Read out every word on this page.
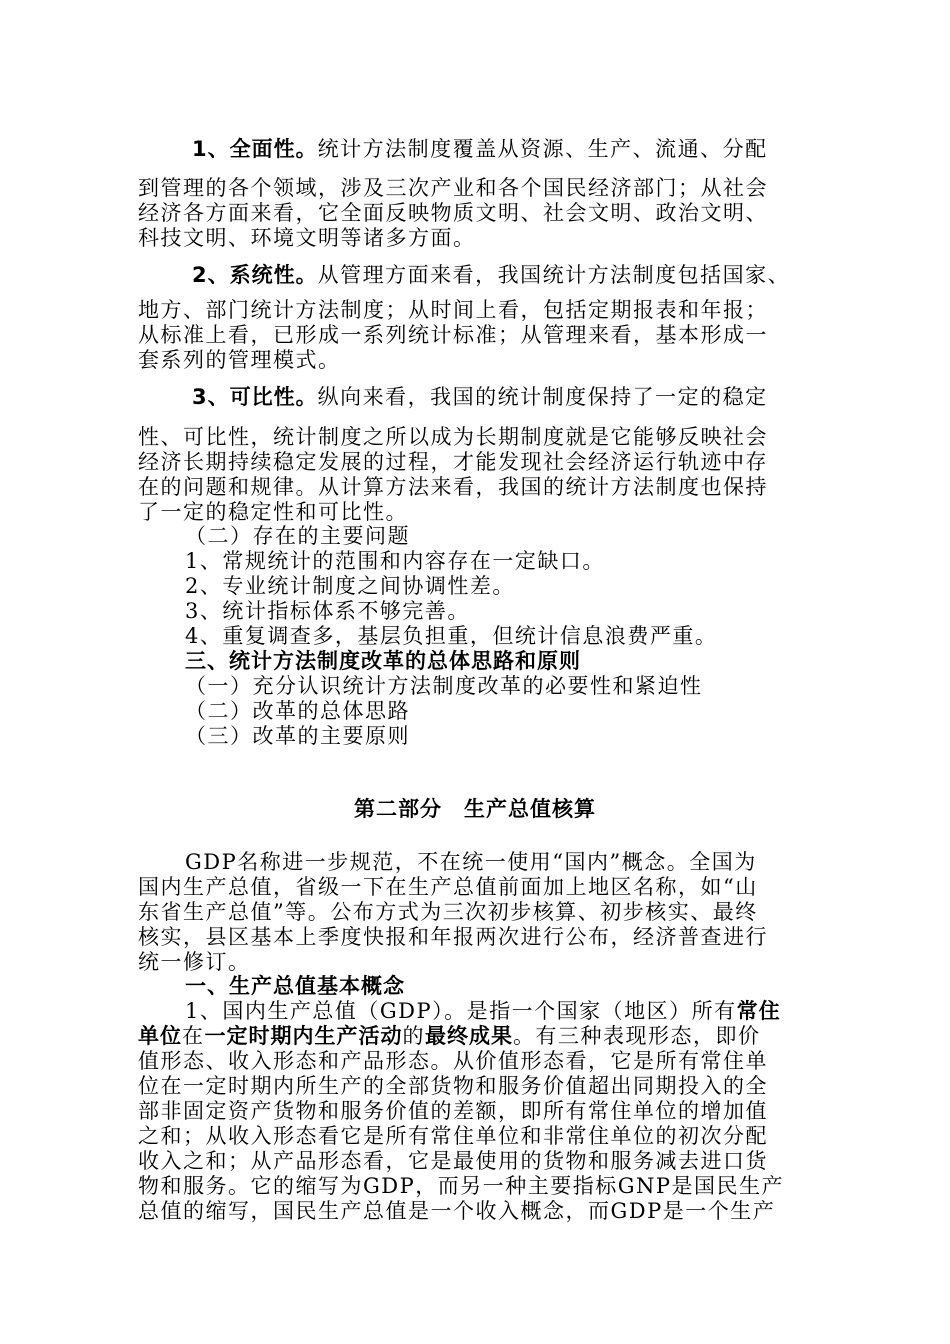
1、全面性。统计方法制度覆盖从资源、生产、流通、分配
到管理的各个领域，涉及三次产业和各个国民经济部门；从社会
经济各方面来看，它全面反映物质文明、社会文明、政治文明、
科技文明、环境文明等诸多方面。
2、系统性。从管理方面来看，我国统计方法制度包括国家、
地方、部门统计方法制度；从时间上看，包括定期报表和年报；
从标准上看，已形成一系列统计标准；从管理来看，基本形成一
套系列的管理模式。
3、可比性。纵向来看，我国的统计制度保持了一定的稳定
性、可比性，统计制度之所以成为长期制度就是它能够反映社会
经济长期持续稳定发展的过程，才能发现社会经济运行轨迹中存
在的问题和规律。从计算方法来看，我国的统计方法制度也保持
了一定的稳定性和可比性。
（二）存在的主要问题
1、常规统计的范围和内容存在一定缺口。
2、专业统计制度之间协调性差。
3、统计指标体系不够完善。
4、重复调查多，基层负担重，但统计信息浪费严重。
三、统计方法制度改革的总体思路和原则
（一）充分认识统计方法制度改革的必要性和紧迫性
（二）改革的总体思路
（三）改革的主要原则
第二部分　生产总值核算
GDP名称进一步规范，不在统一使用“国内”概念。全国为
国内生产总值，省级一下在生产总值前面加上地区名称，如“山
东省生产总值”等。公布方式为三次初步核算、初步核实、最终
核实，县区基本上季度快报和年报两次进行公布，经济普查进行
统一修订。
一、生产总值基本概念
1、国内生产总值（GDP）。是指一个国家（地区）所有常住
单位在一定时期内生产活动的最终成果。有三种表现形态，即价
值形态、收入形态和产品形态。从价值形态看，它是所有常住单
位在一定时期内所生产的全部货物和服务价值超出同期投入的全
部非固定资产货物和服务价值的差额，即所有常住单位的增加值
之和；从收入形态看它是所有常住单位和非常住单位的初次分配
收入之和；从产品形态看，它是最使用的货物和服务减去进口货
物和服务。它的缩写为GDP，而另一种主要指标GNP是国民生产
总值的缩写，国民生产总值是一个收入概念，而GDP是一个生产
